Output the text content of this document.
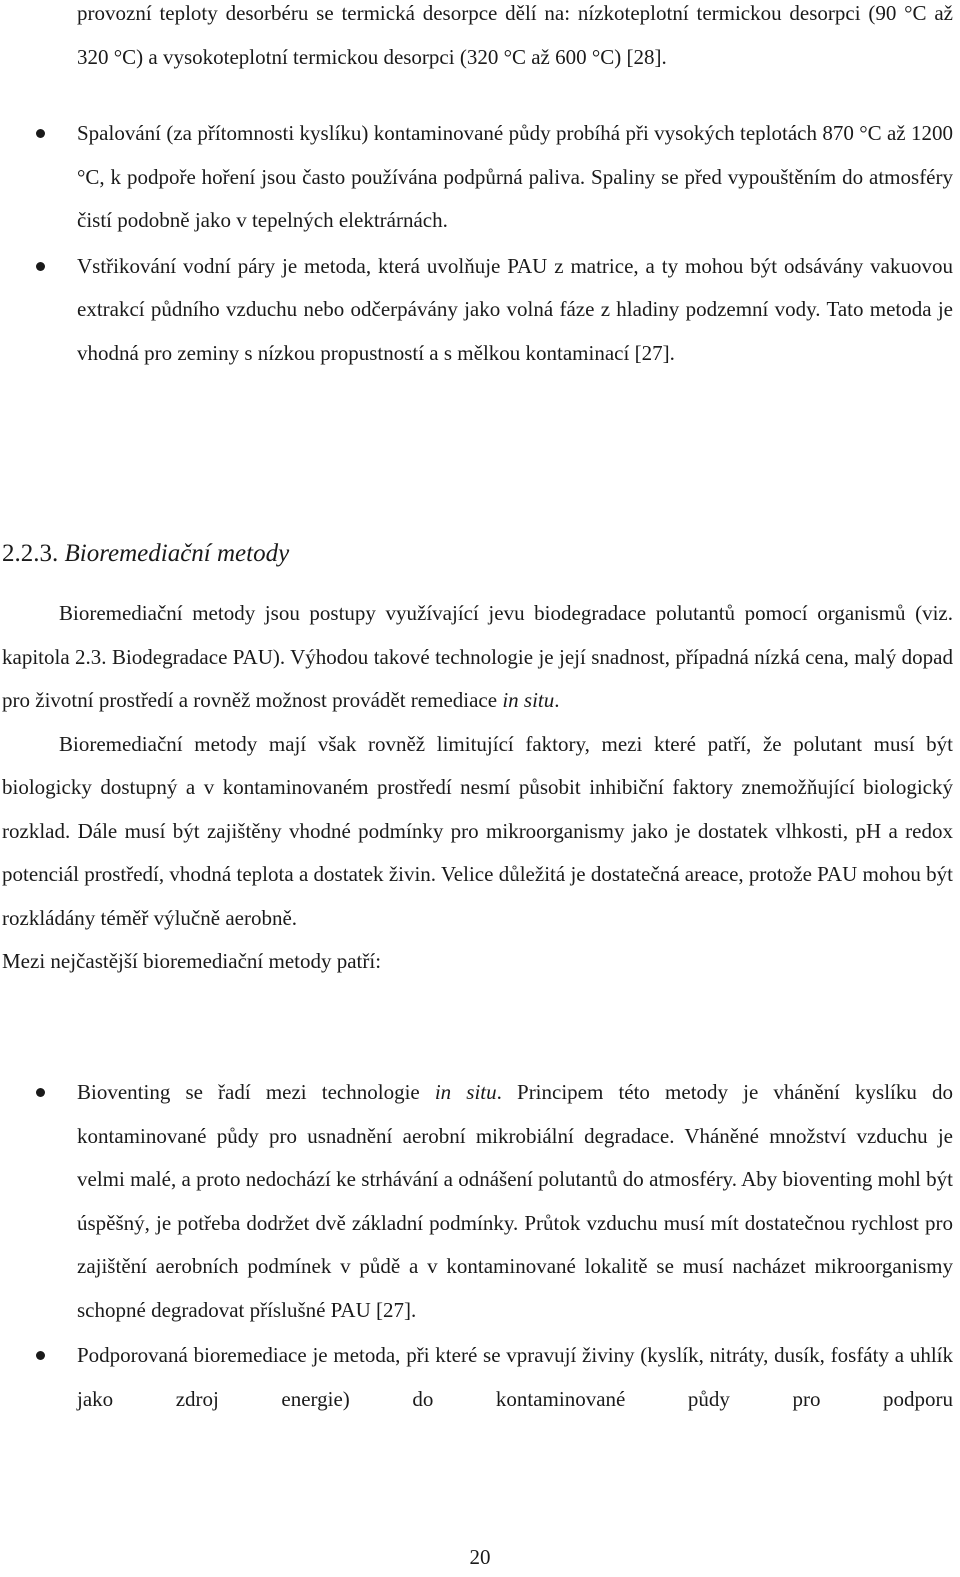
provozní teploty desorbéru se termická desorpce dělí na: nízkoteplotní termickou desorpci (90 °C až 320 °C) a vysokoteplotní termickou desorpci (320 °C až 600 °C) [28].

Spalování (za přítomnosti kyslíku) kontaminované půdy probíhá při vysokých teplotách 870 °C až 1200 °C, k podpoře hoření jsou často používána podpůrná paliva. Spaliny se před vypouštěním do atmosféry čistí podobně jako v tepelných elektrárnách.

Vstřikování vodní páry je metoda, která uvolňuje PAU z matrice, a ty mohou být odsávány vakuovou extrakcí půdního vzduchu nebo odčerpávány jako volná fáze z hladiny podzemní vody. Tato metoda je vhodná pro zeminy s nízkou propustností a s mělkou kontaminací [27].

2.2.3. Bioremediační metody

Bioremediační metody jsou postupy využívající jevu biodegradace polutantů pomocí organismů (viz. kapitola 2.3. Biodegradace PAU). Výhodou takové technologie je její snadnost, případná nízká cena, malý dopad pro životní prostředí a rovněž možnost provádět remediace in situ.

Bioremediační metody mají však rovněž limitující faktory, mezi které patří, že polutant musí být biologicky dostupný a v kontaminovaném prostředí nesmí působit inhibiční faktory znemožňující biologický rozklad. Dále musí být zajištěny vhodné podmínky pro mikroorganismy jako je dostatek vlhkosti, pH a redox potenciál prostředí, vhodná teplota a dostatek živin. Velice důležitá je dostatečná areace, protože PAU mohou být rozkládány téměř výlučně aerobně.

Mezi nejčastější bioremediační metody patří:

Bioventing se řadí mezi technologie in situ. Principem této metody je vhánění kyslíku do kontaminované půdy pro usnadnění aerobní mikrobiální degradace. Vháněné množství vzduchu je velmi malé, a proto nedochází ke strhávání a odnášení polutantů do atmosféry. Aby bioventing mohl být úspěšný, je potřeba dodržet dvě základní podmínky. Průtok vzduchu musí mít dostatečnou rychlost pro zajištění aerobních podmínek v půdě a v kontaminované lokalitě se musí nacházet mikroorganismy schopné degradovat příslušné PAU [27].

Podporovaná bioremediace je metoda, při které se vpravují živiny (kyslík, nitráty, dusík, fosfáty a uhlík jako zdroj energie) do kontaminované půdy pro podporu

20
